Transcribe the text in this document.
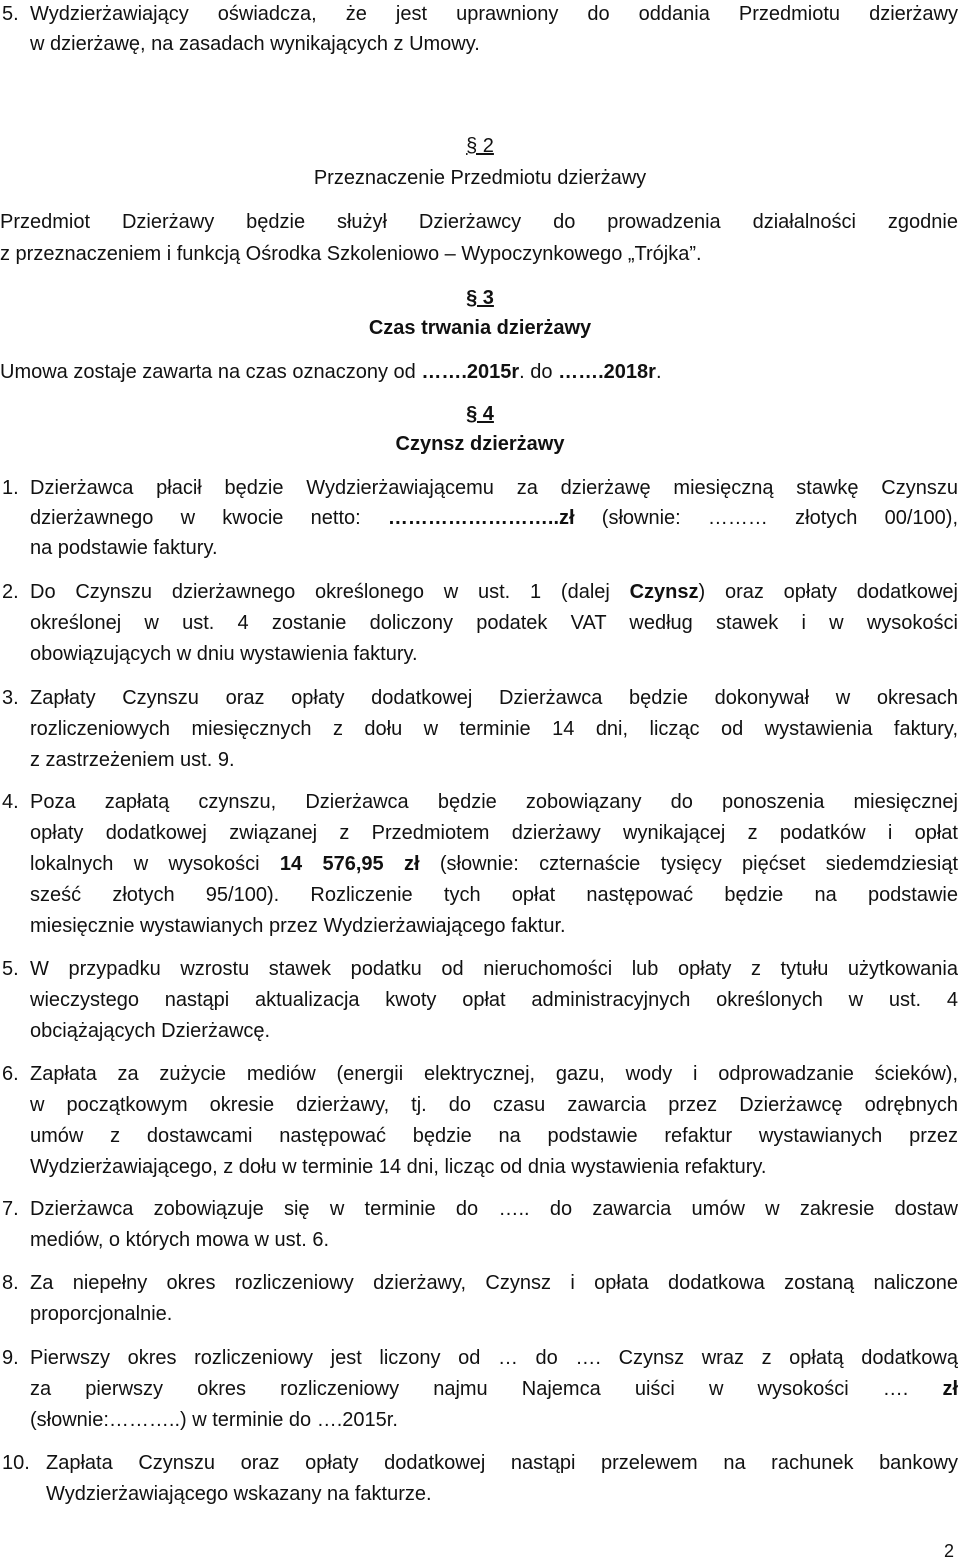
5. Wydzierżawiający oświadcza, że jest uprawniony do oddania Przedmiotu dzierżawy
w dzierżawę, na zasadach wynikających z Umowy.
§ 2
Przeznaczenie Przedmiotu dzierżawy
Przedmiot Dzierżawy będzie służył Dzierżawcy do prowadzenia działalności zgodnie
z przeznaczeniem i funkcją Ośrodka Szkoleniowo – Wypoczynkowego „Trójka”.
§ 3
Czas trwania dzierżawy
Umowa zostaje zawarta na czas oznaczony od …….2015r. do …….2018r.
§ 4
Czynsz dzierżawy
1. Dzierżawca płacił będzie Wydzierżawiającemu za dzierżawę miesięczną stawkę Czynszu
dzierżawnego w kwocie netto: ……………………..zł (słownie: ……… złotych 00/100),
na podstawie faktury.
2. Do Czynszu dzierżawnego określonego w ust. 1 (dalej Czynsz) oraz opłaty dodatkowej
określonej w ust. 4 zostanie doliczony podatek VAT według stawek i w wysokości
obowiązujących w dniu wystawienia faktury.
3. Zapłaty Czynszu oraz opłaty dodatkowej Dzierżawca będzie dokonywał w okresach
rozliczeniowych miesięcznych z dołu w terminie 14 dni, licząc od wystawienia faktury,
z zastrzeżeniem ust. 9.
4. Poza zapłatą czynszu, Dzierżawca będzie zobowiązany do ponoszenia miesięcznej
opłaty dodatkowej związanej z Przedmiotem dzierżawy wynikającej z podatków i opłat
lokalnych w wysokości 14 576,95 zł (słownie: czternaście tysięcy pięćset siedemdziesiąt
sześć złotych 95/100). Rozliczenie tych opłat następować będzie na podstawie
miesięcznie wystawianych przez Wydzierżawiającego faktur.
5. W przypadku wzrostu stawek podatku od nieruchomości lub opłaty z tytułu użytkowania
wieczystego nastąpi aktualizacja kwoty opłat administracyjnych określonych w ust. 4
obciążających Dzierżawcę.
6. Zapłata za zużycie mediów (energii elektrycznej, gazu, wody i odprowadzanie ścieków),
w początkowym okresie dzierżawy, tj. do czasu zawarcia przez Dzierżawcę odrębnych
umów z dostawcami następować będzie na podstawie refaktur wystawianych przez
Wydzierżawiającego, z dołu w terminie 14 dni, licząc od dnia wystawienia refaktury.
7. Dzierżawca zobowiązuje się w terminie do ….. do zawarcia umów w zakresie dostaw
mediów, o których mowa w ust. 6.
8. Za niepełny okres rozliczeniowy dzierżawy, Czynsz i opłata dodatkowa zostaną naliczone
proporcjonalnie.
9. Pierwszy okres rozliczeniowy jest liczony od … do …. Czynsz wraz z opłatą dodatkową
za pierwszy okres rozliczeniowy najmu Najemca uiści w wysokości …. zł
(słownie:………..) w terminie do ….2015r.
10. Zapłata Czynszu oraz opłaty dodatkowej nastąpi przelewem na rachunek bankowy
Wydzierżawiającego wskazany na fakturze.
2
